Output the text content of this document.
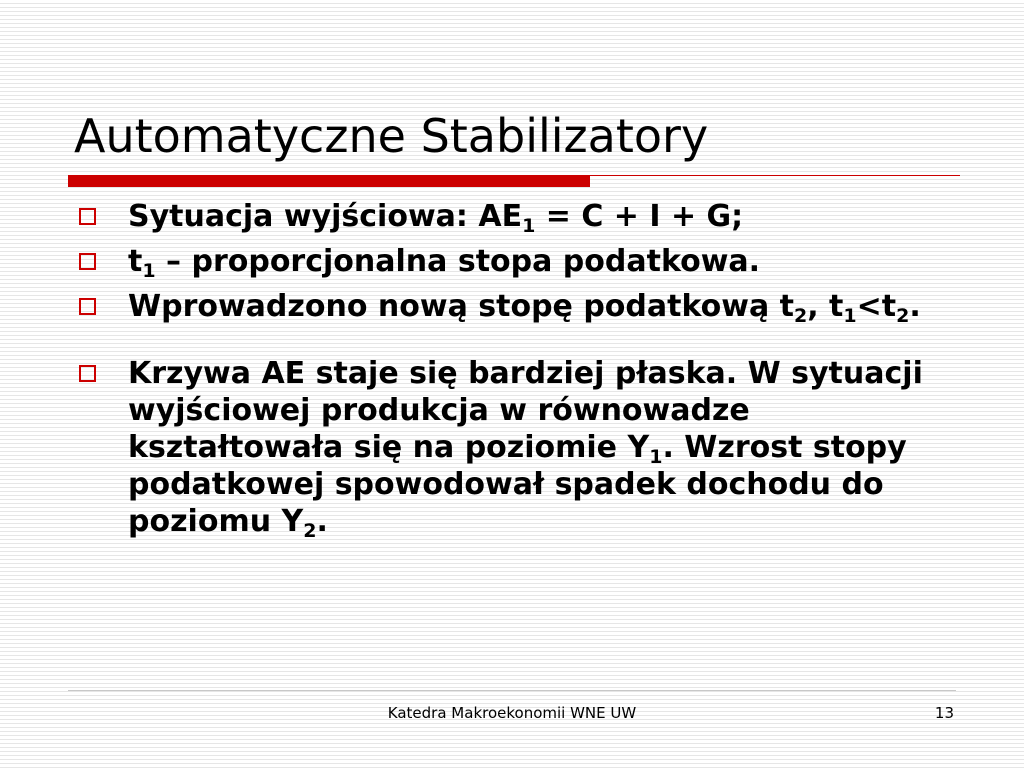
Automatyczne Stabilizatory
Sytuacja wyjściowa: $AE_1 = C + I + G$;
$t_1$ – proporcjonalna stopa podatkowa.
Wprowadzono nową stopę podatkową $t_2$, $t_1<t_2$.
Krzywa AE staje się bardziej płaska. W sytuacji wyjściowej produkcja w równowadze kształtowała się na poziomie $Y_1$. Wzrost stopy podatkowej spowodował spadek dochodu do poziomu $Y_2$.
Katedra Makroekonomii WNE UW	13
